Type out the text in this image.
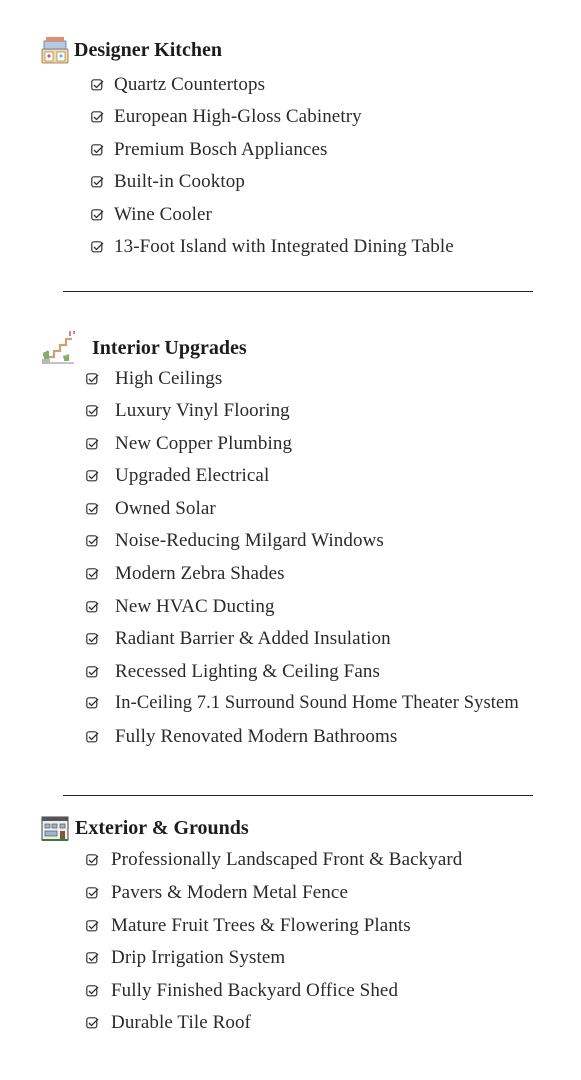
Designer Kitchen
Quartz Countertops
European High-Gloss Cabinetry
Premium Bosch Appliances
Built-in Cooktop
Wine Cooler
13-Foot Island with Integrated Dining Table
Interior Upgrades
High Ceilings
Luxury Vinyl Flooring
New Copper Plumbing
Upgraded Electrical
Owned Solar
Noise-Reducing Milgard Windows
Modern Zebra Shades
New HVAC Ducting
Radiant Barrier & Added Insulation
Recessed Lighting & Ceiling Fans
In-Ceiling 7.1 Surround Sound Home Theater System
Fully Renovated Modern Bathrooms
Exterior & Grounds
Professionally Landscaped Front & Backyard
Pavers & Modern Metal Fence
Mature Fruit Trees & Flowering Plants
Drip Irrigation System
Fully Finished Backyard Office Shed
Durable Tile Roof
